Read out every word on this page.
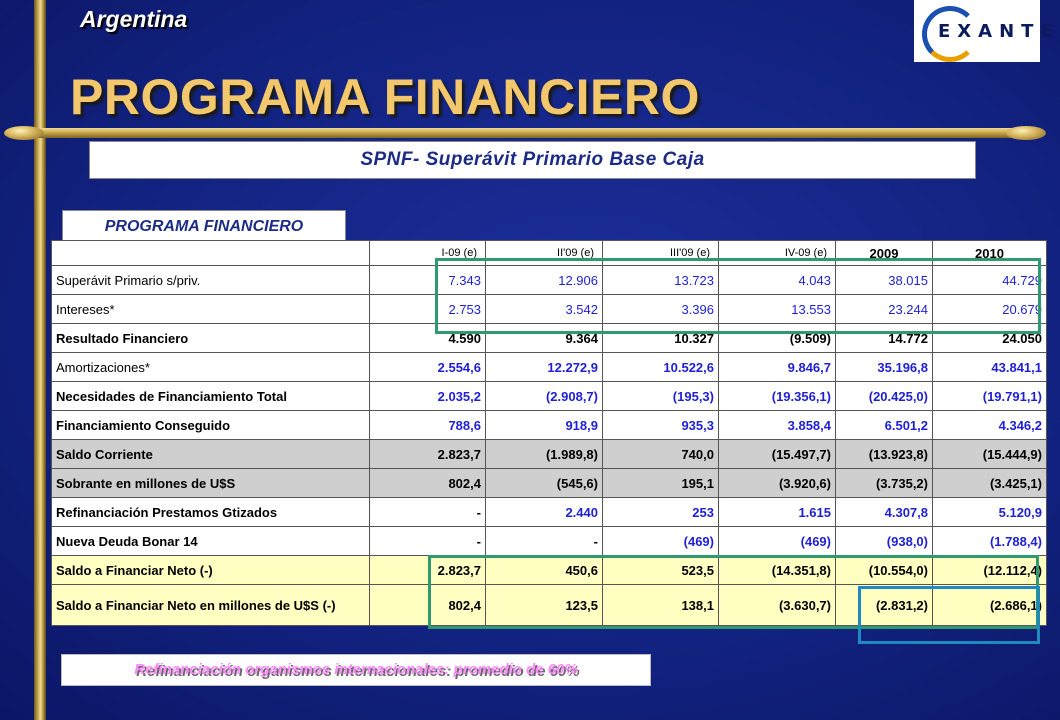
Argentina
PROGRAMA FINANCIERO
EXANTE
SPNF- Superávit Primario Base Caja
PROGRAMA FINANCIERO
	I-09 (e)	II'09 (e)	III'09 (e)	IV-09 (e)	2009	2010
Superávit Primario s/priv.	7.343	12.906	13.723	4.043	38.015	44.729
Intereses*	2.753	3.542	3.396	13.553	23.244	20.679
Resultado Financiero	4.590	9.364	10.327	(9.509)	14.772	24.050
Amortizaciones*	2.554,6	12.272,9	10.522,6	9.846,7	35.196,8	43.841,1
Necesidades de Financiamiento Total	2.035,2	(2.908,7)	(195,3)	(19.356,1)	(20.425,0)	(19.791,1)
Financiamiento Conseguido	788,6	918,9	935,3	3.858,4	6.501,2	4.346,2
Saldo Corriente	2.823,7	(1.989,8)	740,0	(15.497,7)	(13.923,8)	(15.444,9)
Sobrante en millones de U$S	802,4	(545,6)	195,1	(3.920,6)	(3.735,2)	(3.425,1)
Refinanciación Prestamos Gtizados	-	2.440	253	1.615	4.307,8	5.120,9
Nueva Deuda Bonar 14	-	-	(469)	(469)	(938,0)	(1.788,4)
Saldo a Financiar Neto (-)	2.823,7	450,6	523,5	(14.351,8)	(10.554,0)	(12.112,4)
Saldo a Financiar Neto en millones de U$S (-)	802,4	123,5	138,1	(3.630,7)	(2.831,2)	(2.686,1)
Refinanciación organismos internacionales: promedio de 60%
